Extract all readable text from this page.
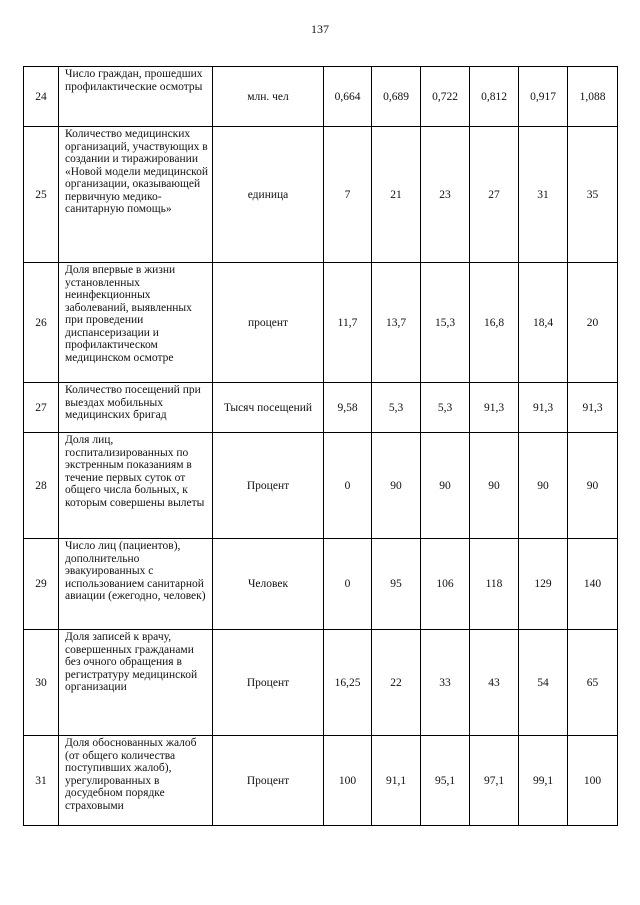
137
24	Число граждан, прошедших профилактические осмотры	млн. чел	0,664	0,689	0,722	0,812	0,917	1,088
25	Количество медицинских организаций, участвующих в создании и тиражировании «Новой модели медицинской организации, оказывающей первичную медико-санитарную помощь»	единица	7	21	23	27	31	35
26	Доля впервые в жизни установленных неинфекционных заболеваний, выявленных при проведении диспансеризации и профилактическом медицинском осмотре	процент	11,7	13,7	15,3	16,8	18,4	20
27	Количество посещений при выездах мобильных медицинских бригад	Тысяч посещений	9,58	5,3	5,3	91,3	91,3	91,3
28	Доля лиц, госпитализированных по экстренным показаниям в течение первых суток от общего числа больных, к которым совершены вылеты	Процент	0	90	90	90	90	90
29	Число лиц (пациентов), дополнительно эвакуированных с использованием санитарной авиации (ежегодно, человек)	Человек	0	95	106	118	129	140
30	Доля записей к врачу, совершенных гражданами без очного обращения в регистратуру медицинской организации	Процент	16,25	22	33	43	54	65
31	Доля обоснованных жалоб (от общего количества поступивших жалоб), урегулированных в досудебном порядке страховыми	Процент	100	91,1	95,1	97,1	99,1	100
